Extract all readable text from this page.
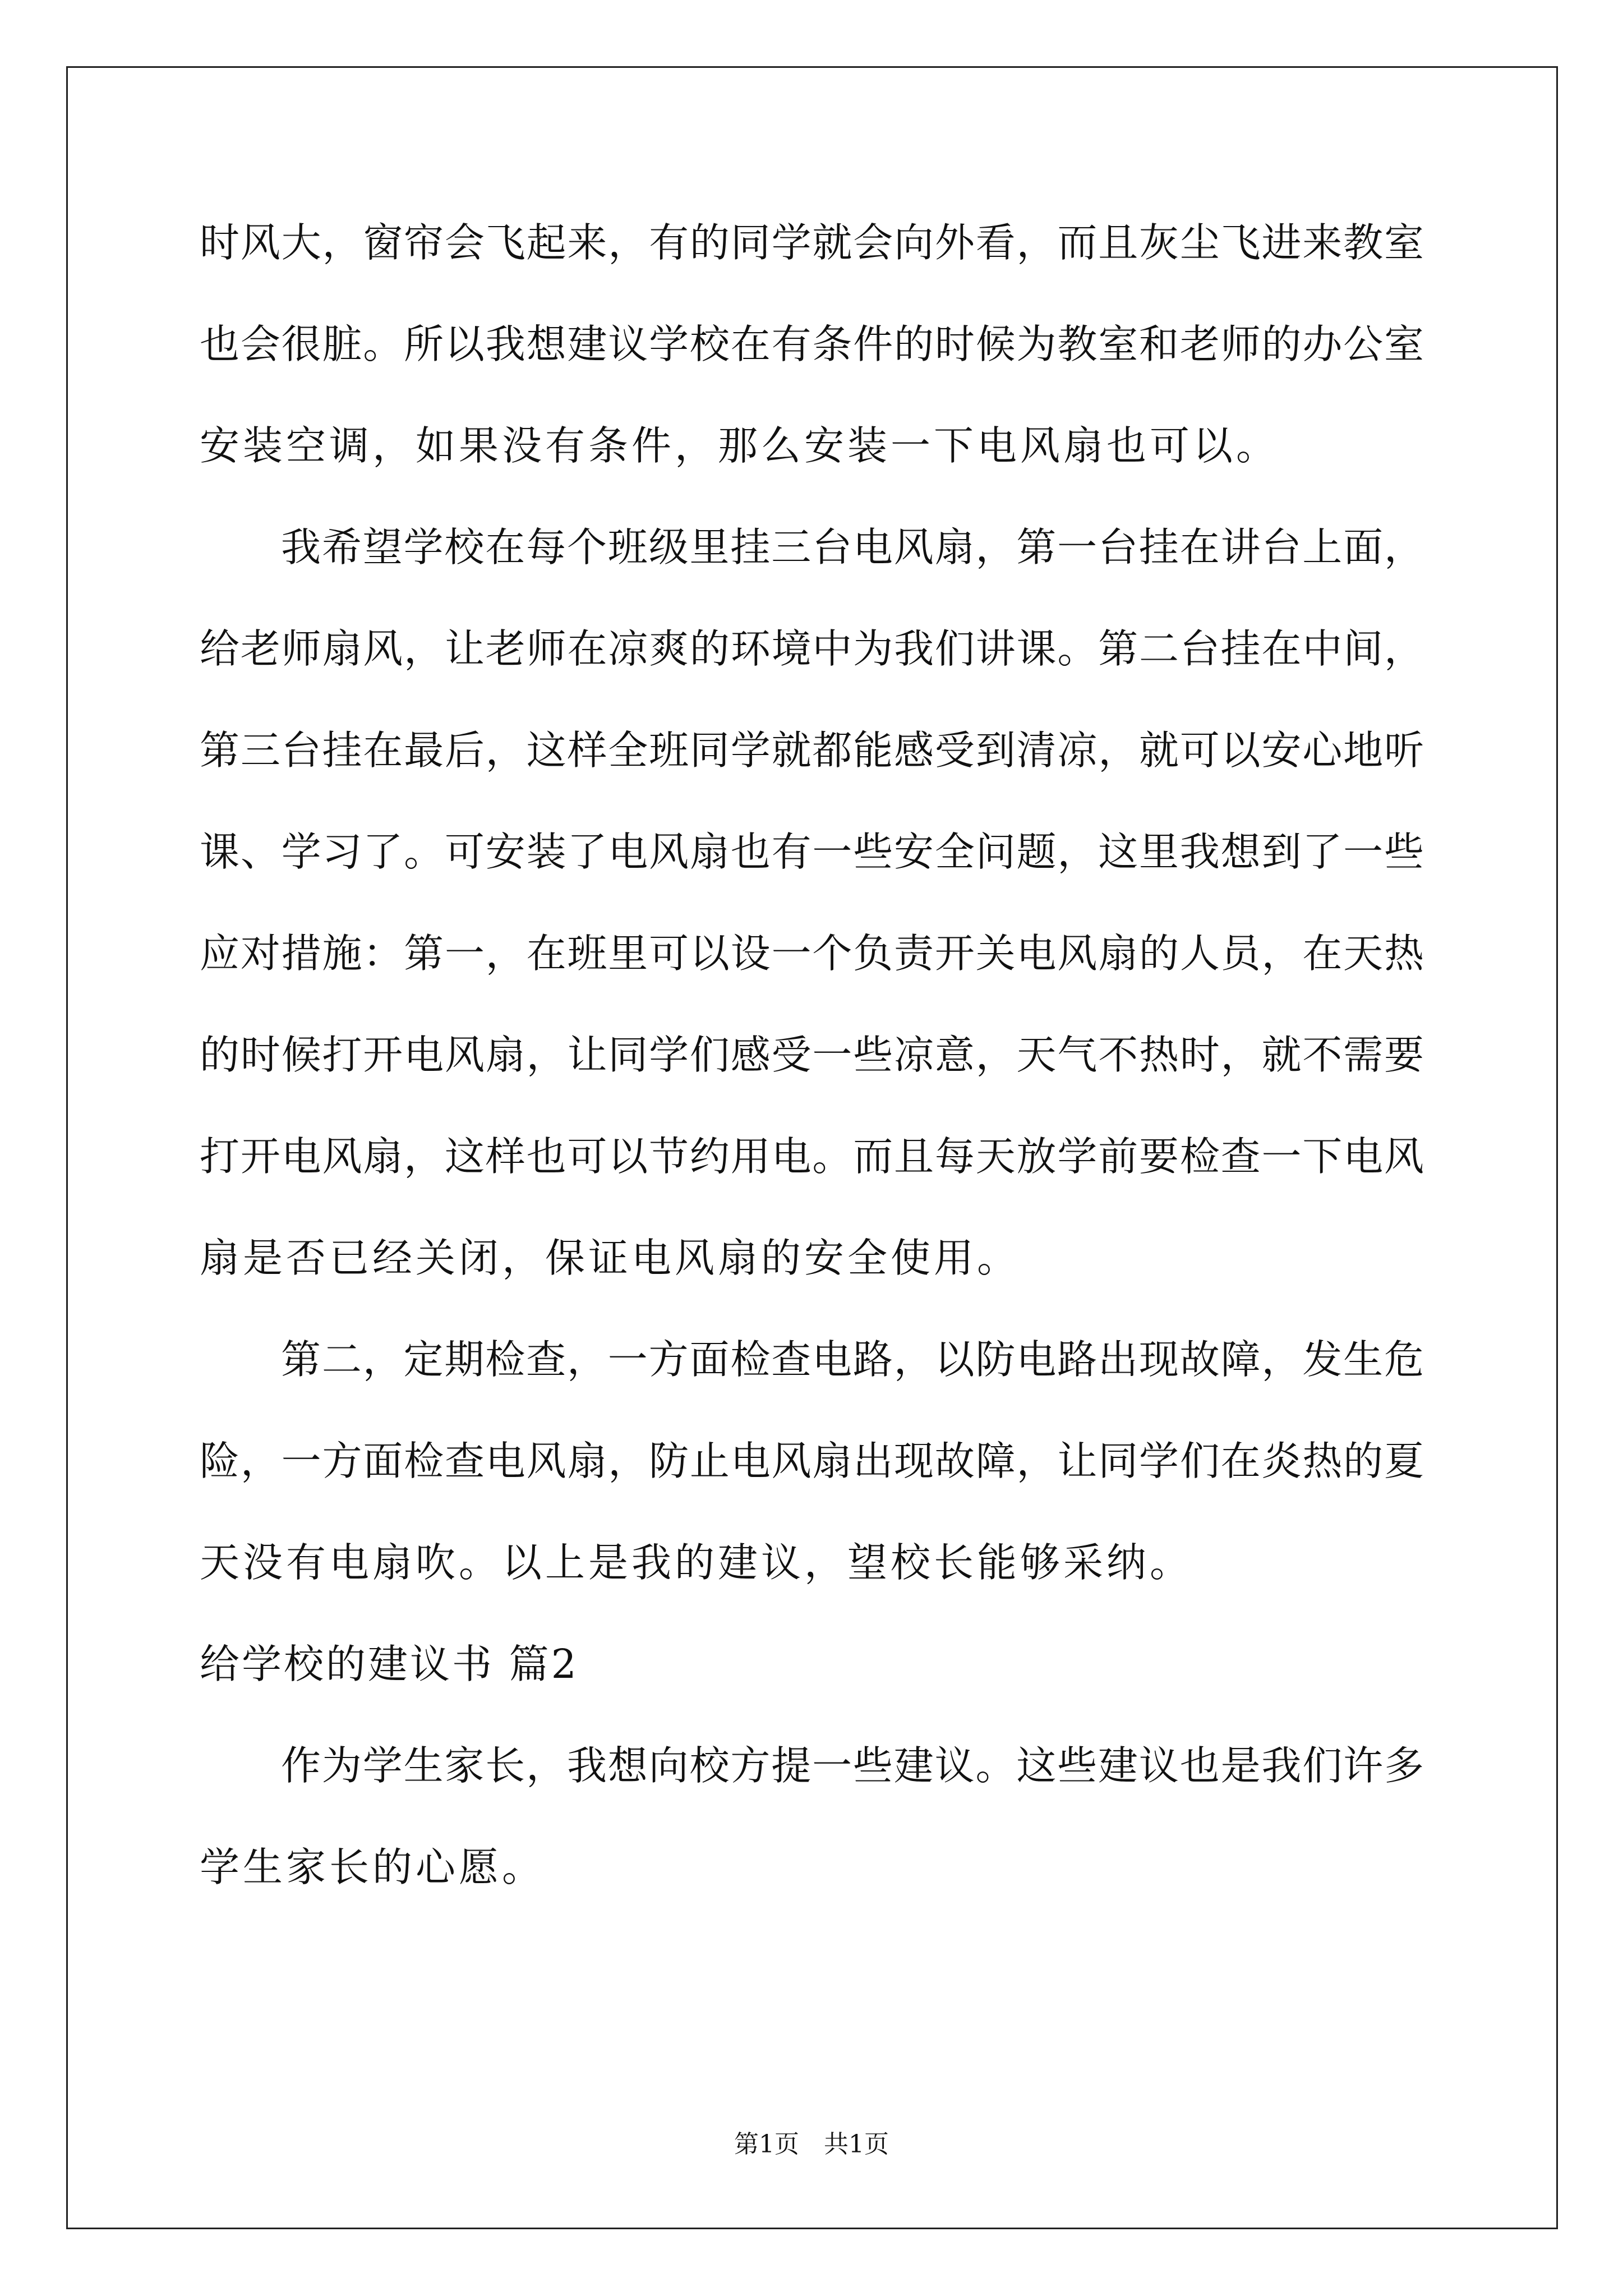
时风大，窗帘会飞起来，有的同学就会向外看，而且灰尘飞进来教室
也会很脏。所以我想建议学校在有条件的时候为教室和老师的办公室
安装空调，如果没有条件，那么安装一下电风扇也可以。
我希望学校在每个班级里挂三台电风扇，第一台挂在讲台上面，
给老师扇风，让老师在凉爽的环境中为我们讲课。第二台挂在中间，
第三台挂在最后，这样全班同学就都能感受到清凉，就可以安心地听
课、学习了。可安装了电风扇也有一些安全问题，这里我想到了一些
应对措施：第一，在班里可以设一个负责开关电风扇的人员，在天热
的时候打开电风扇，让同学们感受一些凉意，天气不热时，就不需要
打开电风扇，这样也可以节约用电。而且每天放学前要检查一下电风
扇是否已经关闭，保证电风扇的安全使用。
第二，定期检查，一方面检查电路，以防电路出现故障，发生危
险，一方面检查电风扇，防止电风扇出现故障，让同学们在炎热的夏
天没有电扇吹。以上是我的建议，望校长能够采纳。
给学校的建议书 篇2
作为学生家长，我想向校方提一些建议。这些建议也是我们许多
学生家长的心愿。
第1页　共1页
